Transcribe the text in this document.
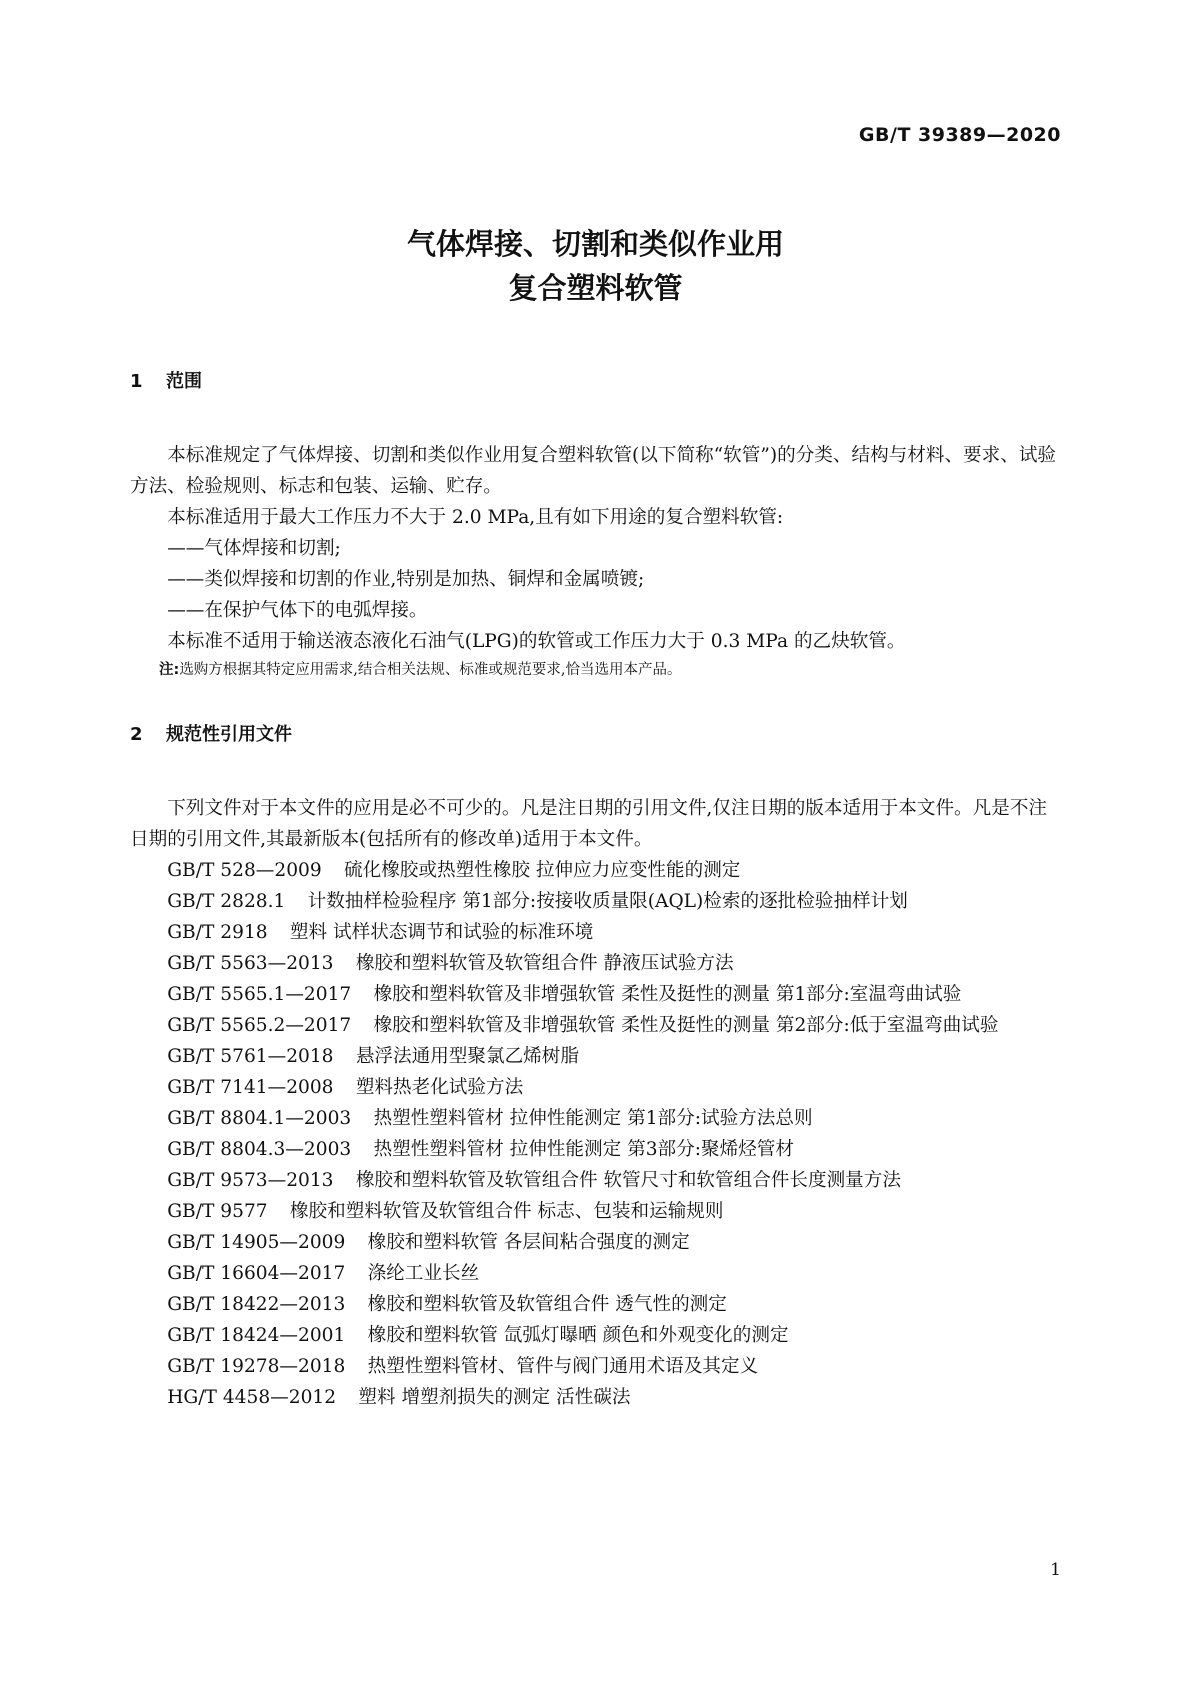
GB/T 39389—2020
气体焊接、切割和类似作业用
复合塑料软管
1 范围

本标准规定了气体焊接、切割和类似作业用复合塑料软管(以下简称“软管”)的分类、结构与材料、要求、试验方法、检验规则、标志和包装、运输、贮存。

本标准适用于最大工作压力不大于 2.0 MPa,且有如下用途的复合塑料软管:

——气体焊接和切割;

——类似焊接和切割的作业,特别是加热、铜焊和金属喷镀;

——在保护气体下的电弧焊接。

本标准不适用于输送液态液化石油气(LPG)的软管或工作压力大于 0.3 MPa 的乙炔软管。

注:选购方根据其特定应用需求,结合相关法规、标准或规范要求,恰当选用本产品。

2 规范性引用文件

下列文件对于本文件的应用是必不可少的。凡是注日期的引用文件,仅注日期的版本适用于本文件。凡是不注日期的引用文件,其最新版本(包括所有的修改单)适用于本文件。

GB/T 528—2009 硫化橡胶或热塑性橡胶 拉伸应力应变性能的测定

GB/T 2828.1 计数抽样检验程序 第1部分:按接收质量限(AQL)检索的逐批检验抽样计划

GB/T 2918 塑料 试样状态调节和试验的标准环境

GB/T 5563—2013 橡胶和塑料软管及软管组合件 静液压试验方法

GB/T 5565.1—2017 橡胶和塑料软管及非增强软管 柔性及挺性的测量 第1部分:室温弯曲试验

GB/T 5565.2—2017 橡胶和塑料软管及非增强软管 柔性及挺性的测量 第2部分:低于室温弯曲试验

GB/T 5761—2018 悬浮法通用型聚氯乙烯树脂

GB/T 7141—2008 塑料热老化试验方法

GB/T 8804.1—2003 热塑性塑料管材 拉伸性能测定 第1部分:试验方法总则

GB/T 8804.3—2003 热塑性塑料管材 拉伸性能测定 第3部分:聚烯烃管材

GB/T 9573—2013 橡胶和塑料软管及软管组合件 软管尺寸和软管组合件长度测量方法

GB/T 9577 橡胶和塑料软管及软管组合件 标志、包装和运输规则

GB/T 14905—2009 橡胶和塑料软管 各层间粘合强度的测定

GB/T 16604—2017 涤纶工业长丝

GB/T 18422—2013 橡胶和塑料软管及软管组合件 透气性的测定

GB/T 18424—2001 橡胶和塑料软管 氙弧灯曝晒 颜色和外观变化的测定

GB/T 19278—2018 热塑性塑料管材、管件与阀门通用术语及其定义

HG/T 4458—2012 塑料 增塑剂损失的测定 活性碳法

1
